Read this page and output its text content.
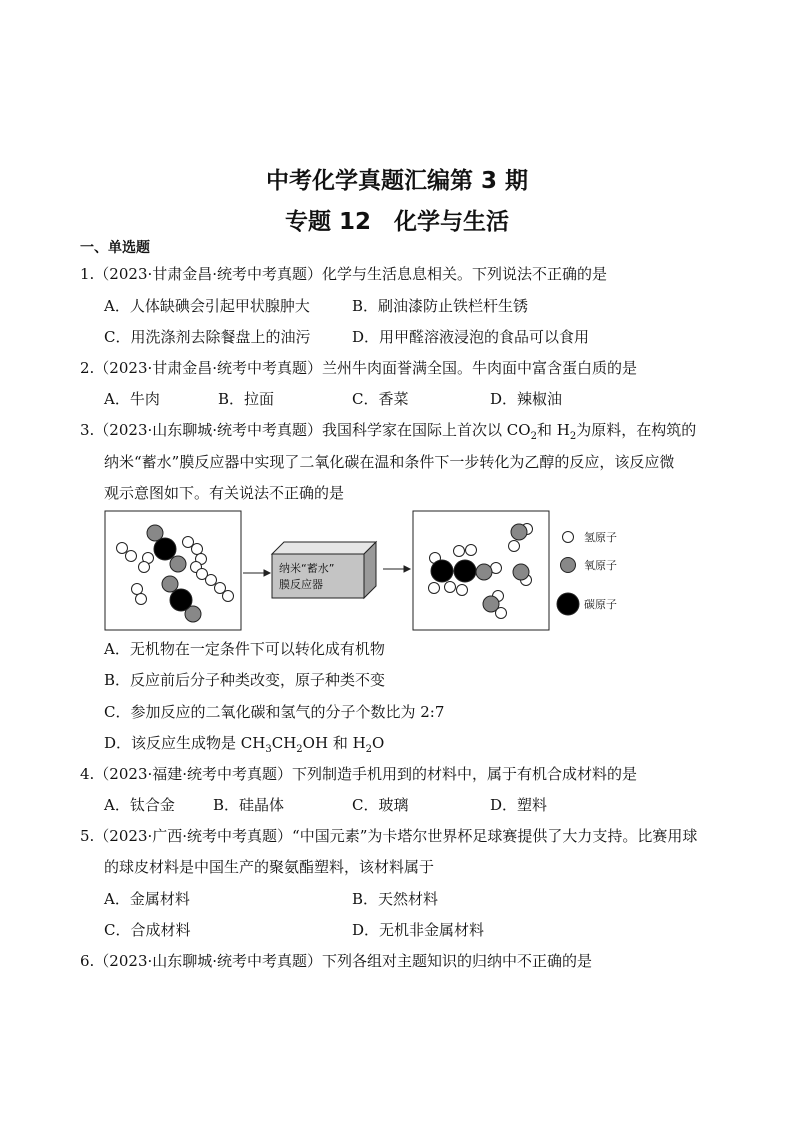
中考化学真题汇编第 3 期
专题 12　化学与生活
一、单选题
1.（2023·甘肃金昌·统考中考真题）化学与生活息息相关。下列说法不正确的是
A．人体缺碘会引起甲状腺肿大	B．刷油漆防止铁栏杆生锈
C．用洗涤剂去除餐盘上的油污	D．用甲醛溶液浸泡的食品可以食用
2.（2023·甘肃金昌·统考中考真题）兰州牛肉面誉满全国。牛肉面中富含蛋白质的是
A．牛肉	B．拉面	C．香菜	D．辣椒油
3.（2023·山东聊城·统考中考真题）我国科学家在国际上首次以 $CO_2$和 $H_2$为原料，在构筑的
纳米“蓄水”膜反应器中实现了二氧化碳在温和条件下一步转化为乙醇的反应，该反应微
观示意图如下。有关说法不正确的是
纳米“蓄水”
膜反应器
氢原子
氧原子
碳原子
A．无机物在一定条件下可以转化成有机物
B．反应前后分子种类改变，原子种类不变
C．参加反应的二氧化碳和氢气的分子个数比为 2:7
D．该反应生成物是 $CH_3CH_2OH$ 和 $H_2O$
4.（2023·福建·统考中考真题）下列制造手机用到的材料中，属于有机合成材料的是
A．钛合金	B．硅晶体	C．玻璃	D．塑料
5.（2023·广西·统考中考真题）“中国元素”为卡塔尔世界杯足球赛提供了大力支持。比赛用球
的球皮材料是中国生产的聚氨酯塑料，该材料属于
A．金属材料	B．天然材料
C．合成材料	D．无机非金属材料
6.（2023·山东聊城·统考中考真题）下列各组对主题知识的归纳中不正确的是
